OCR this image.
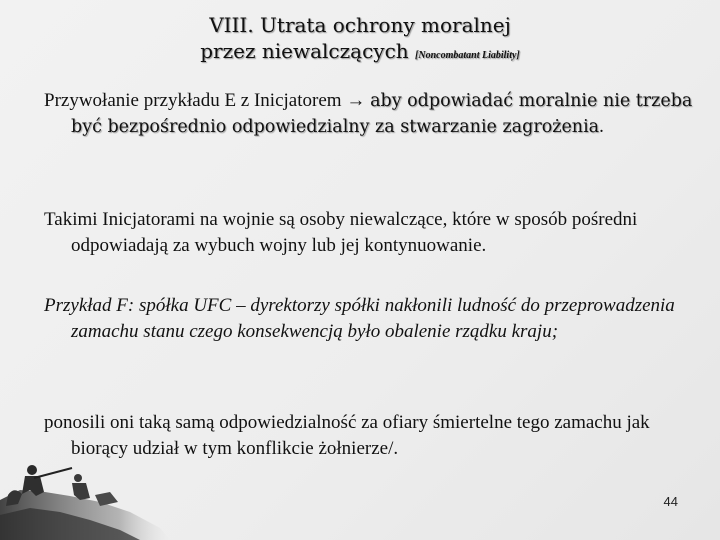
VIII. Utrata ochrony moralnej
przez niewalczących [Noncombatant Liability]
Przywołanie przykładu E z Inicjatorem → aby odpowiadać moralnie nie trzeba być bezpośrednio odpowiedzialny za stwarzanie zagrożenia.
Takimi Inicjatorami na wojnie są osoby niewalczące, które w sposób pośredni odpowiadają za wybuch wojny lub jej kontynuowanie.
Przykład F: spółka UFC – dyrektorzy spółki nakłonili ludność do przeprowadzenia zamachu stanu czego konsekwencją było obalenie rządku kraju;
ponosili oni taką samą odpowiedzialność za ofiary śmiertelne tego zamachu jak biorący udział w tym konflikcie żołnierze/.
44
